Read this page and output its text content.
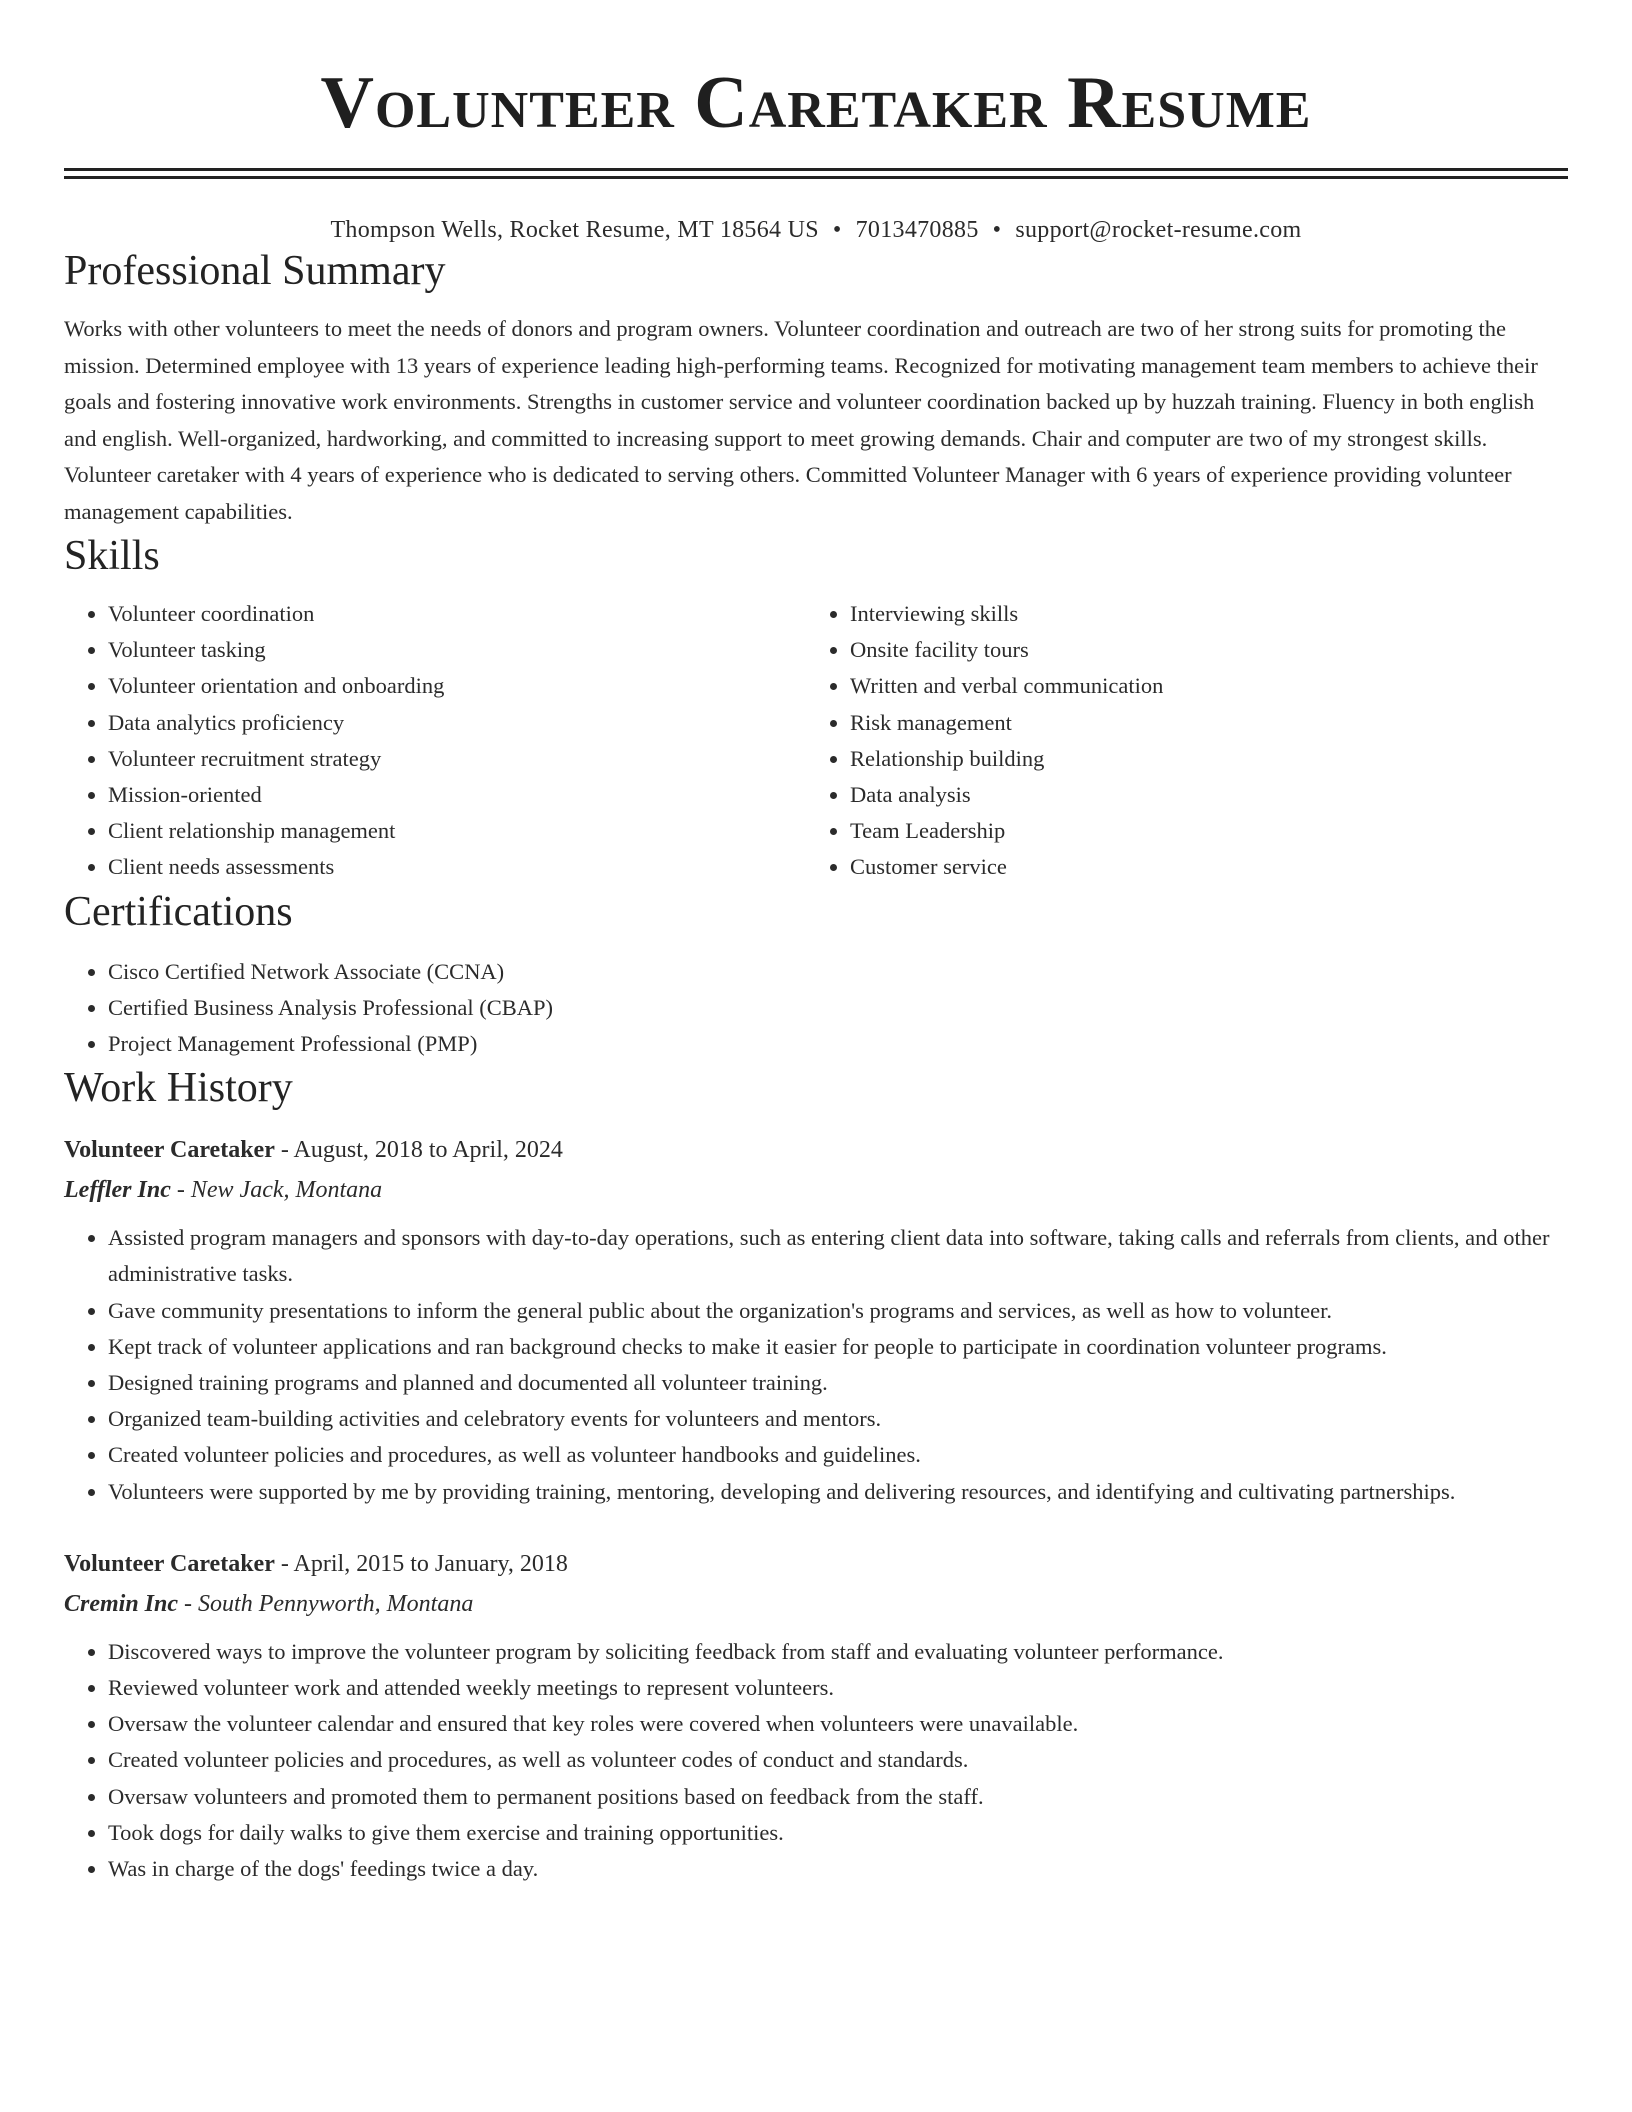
Volunteer Caretaker Resume
Thompson Wells, Rocket Resume, MT 18564 US • 7013470885 • support@rocket-resume.com
Professional Summary

Works with other volunteers to meet the needs of donors and program owners. Volunteer coordination and outreach are two of her strong suits for promoting the mission. Determined employee with 13 years of experience leading high-performing teams. Recognized for motivating management team members to achieve their goals and fostering innovative work environments. Strengths in customer service and volunteer coordination backed up by huzzah training. Fluency in both english and english. Well-organized, hardworking, and committed to increasing support to meet growing demands. Chair and computer are two of my strongest skills. Volunteer caretaker with 4 years of experience who is dedicated to serving others. Committed Volunteer Manager with 6 years of experience providing volunteer management capabilities.

Skills
• Volunteer coordination
• Volunteer tasking
• Volunteer orientation and onboarding
• Data analytics proficiency
• Volunteer recruitment strategy
• Mission-oriented
• Client relationship management
• Client needs assessments
• Interviewing skills
• Onsite facility tours
• Written and verbal communication
• Risk management
• Relationship building
• Data analysis
• Team Leadership
• Customer service
Certifications
• Cisco Certified Network Associate (CCNA)
• Certified Business Analysis Professional (CBAP)
• Project Management Professional (PMP)
Work History
Volunteer Caretaker - August, 2018 to April, 2024
Leffler Inc - New Jack, Montana
• Assisted program managers and sponsors with day-to-day operations, such as entering client data into software, taking calls and referrals from clients, and other administrative tasks.
• Gave community presentations to inform the general public about the organization's programs and services, as well as how to volunteer.
• Kept track of volunteer applications and ran background checks to make it easier for people to participate in coordination volunteer programs.
• Designed training programs and planned and documented all volunteer training.
• Organized team-building activities and celebratory events for volunteers and mentors.
• Created volunteer policies and procedures, as well as volunteer handbooks and guidelines.
• Volunteers were supported by me by providing training, mentoring, developing and delivering resources, and identifying and cultivating partnerships.
Volunteer Caretaker - April, 2015 to January, 2018
Cremin Inc - South Pennyworth, Montana
• Discovered ways to improve the volunteer program by soliciting feedback from staff and evaluating volunteer performance.
• Reviewed volunteer work and attended weekly meetings to represent volunteers.
• Oversaw the volunteer calendar and ensured that key roles were covered when volunteers were unavailable.
• Created volunteer policies and procedures, as well as volunteer codes of conduct and standards.
• Oversaw volunteers and promoted them to permanent positions based on feedback from the staff.
• Took dogs for daily walks to give them exercise and training opportunities.
• Was in charge of the dogs' feedings twice a day.
